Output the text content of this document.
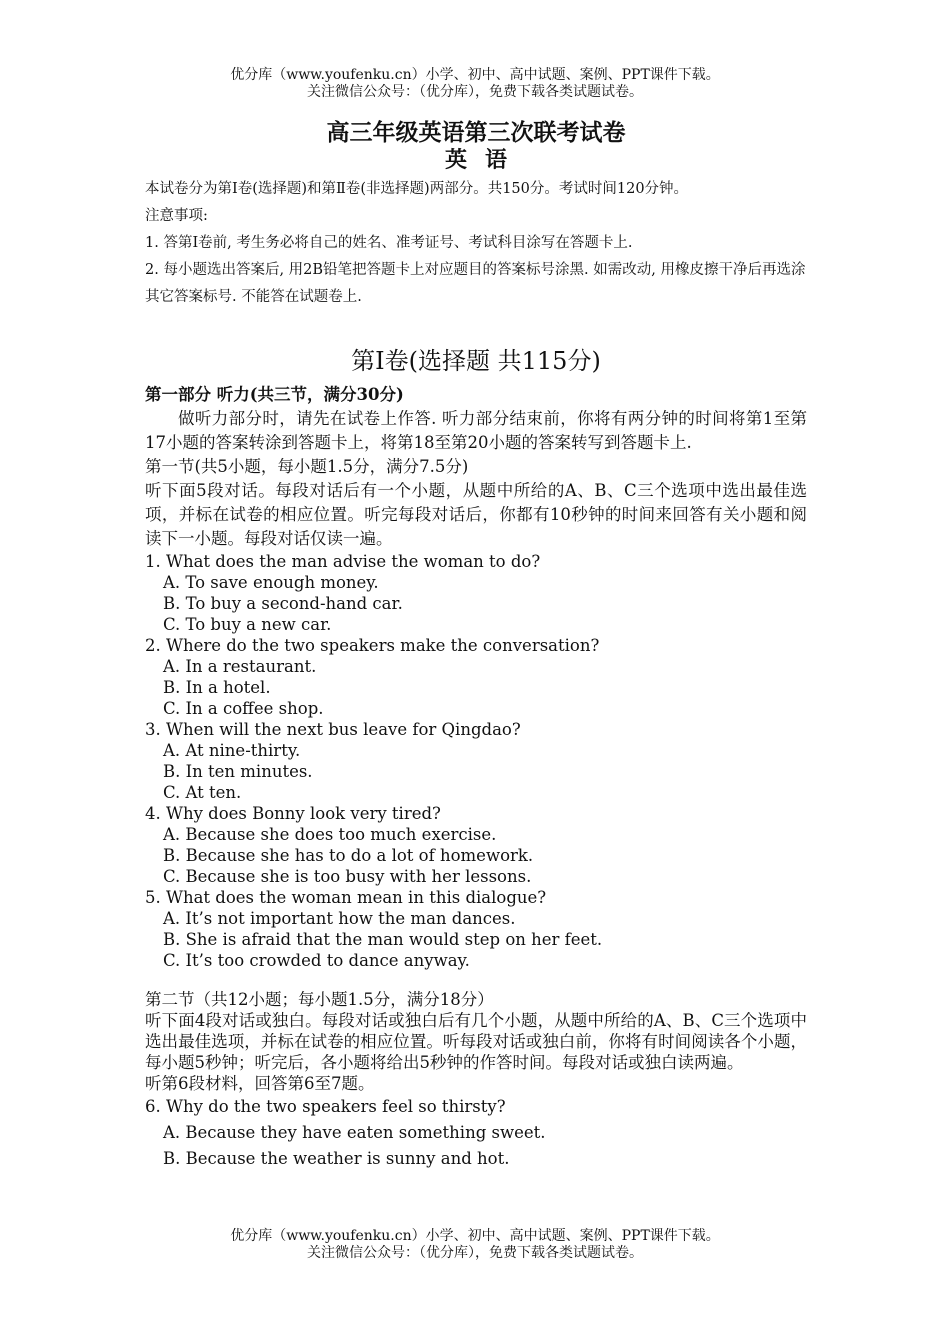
优分库（www.youfenku.cn）小学、初中、高中试题、案例、PPT课件下载。
关注微信公众号：（优分库），免费下载各类试题试卷。

高三年级英语第三次联考试卷

英语

本试卷分为第Ⅰ卷(选择题)和第Ⅱ卷(非选择题)两部分。共150分。考试时间120分钟。

注意事项:

1. 答第Ⅰ卷前, 考生务必将自己的姓名、准考证号、考试科目涂写在答题卡上.

2. 每小题选出答案后, 用2B铅笔把答题卡上对应题目的答案标号涂黑. 如需改动, 用橡皮擦干净后再选涂其它答案标号. 不能答在试题卷上.

第Ⅰ卷(选择题 共115分)

第一部分 听力(共三节，满分30分)

做听力部分时，请先在试卷上作答. 听力部分结束前，你将有两分钟的时间将第1至第17小题的答案转涂到答题卡上，将第18至第20小题的答案转写到答题卡上.

第一节(共5小题，每小题1.5分，满分7.5分)

听下面5段对话。每段对话后有一个小题，从题中所给的A、B、C三个选项中选出最佳选项，并标在试卷的相应位置。听完每段对话后，你都有10秒钟的时间来回答有关小题和阅读下一小题。每段对话仅读一遍。

1. What does the man advise the woman to do?

A. To save enough money.

B. To buy a second-hand car.

C. To buy a new car.

2. Where do the two speakers make the conversation?

A. In a restaurant.

B. In a hotel.

C. In a coffee shop.

3. When will the next bus leave for Qingdao?

A. At nine-thirty.

B. In ten minutes.

C. At ten.

4. Why does Bonny look very tired?

A. Because she does too much exercise.

B. Because she has to do a lot of homework.

C. Because she is too busy with her lessons.

5. What does the woman mean in this dialogue?

A. It’s not important how the man dances.

B. She is afraid that the man would step on her feet.

C. It’s too crowded to dance anyway.

第二节（共12小题；每小题1.5分，满分18分）

听下面4段对话或独白。每段对话或独白后有几个小题，从题中所给的A、B、C三个选项中选出最佳选项，并标在试卷的相应位置。听每段对话或独白前，你将有时间阅读各个小题，每小题5秒钟；听完后，各小题将给出5秒钟的作答时间。每段对话或独白读两遍。

听第6段材料，回答第6至7题。

6. Why do the two speakers feel so thirsty?

A. Because they have eaten something sweet.

B. Because the weather is sunny and hot.

优分库（www.youfenku.cn）小学、初中、高中试题、案例、PPT课件下载。
关注微信公众号：（优分库），免费下载各类试题试卷。
